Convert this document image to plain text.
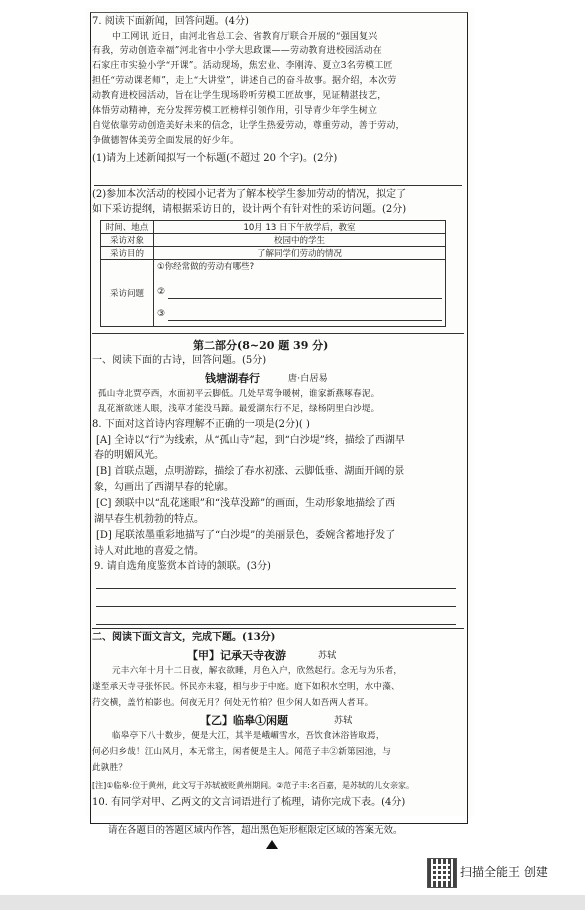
7. 阅读下面新闻，回答问题。(4分)
中工网讯 近日，由河北省总工会、省教育厅联合开展的“强国复兴
有我，劳动创造幸福”河北省中小学大思政课——劳动教育进校园活动在
石家庄市实验小学“开课”。活动现场，焦宏业、李刚涛、夏立3名劳模工匠
担任“劳动课老师”，走上“大讲堂”，讲述自己的奋斗故事。据介绍，本次劳
动教育进校园活动，旨在让学生现场聆听劳模工匠故事，见证精湛技艺，
体悟劳动精神，充分发挥劳模工匠榜样引领作用，引导青少年学生树立
自觉依靠劳动创造美好未来的信念，让学生热爱劳动，尊重劳动，善于劳动，
争做德智体美劳全面发展的好少年。
(1)请为上述新闻拟写一个标题(不超过 20 个字)。(2分)
(2)参加本次活动的校园小记者为了解本校学生参加劳动的情况，拟定了
如下采访提纲，请根据采访日的，设计两个有针对性的采访问题。(2分)
时间、地点	10月 13 日下午放学后，教室
采访对象	校园中的学生
采访目的	了解同学们劳动的情况
采访问题	①你经常做的劳动有哪些?
②
③
第二部分(8~20 题 39 分)
一、阅读下面的古诗，回答问题。(5分)
钱塘湖春行	唐·白居易
孤山寺北贾亭西，水面初平云脚低。几处早莺争暖树，谁家新燕啄春泥。
乱花渐欲迷人眼，浅草才能没马蹄。最爱湖东行不足，绿杨阴里白沙堤。
8. 下面对这首诗内容理解不正确的一项是(2分)( )
[A] 全诗以“行”为线索，从“孤山寺”起，到“白沙堤”终，描绘了西湖早
春的明媚风光。
[B] 首联点题，点明游踪，描绘了春水初涨、云脚低垂、湖面开阔的景
象，勾画出了西湖早春的轮廓。
[C] 颈联中以“乱花迷眼”和“浅草没蹄”的画面，生动形象地描绘了西
湖早春生机勃勃的特点。
[D] 尾联浓墨重彩地描写了“白沙堤”的美丽景色，委婉含蓄地抒发了
诗人对此地的喜爱之情。
9. 请自选角度鉴赏本首诗的颔联。(3分)
二、阅读下面文言文，完成下题。(13分)
【甲】记承天寺夜游	苏轼
元丰六年十月十二日夜，解衣欲睡，月色入户，欣然起行。念无与为乐者，
遂至承天寺寻张怀民。怀民亦未寝，相与步于中庭。庭下如积水空明，水中藻、
荇交横，盖竹柏影也。何夜无月？何处无竹柏？但少闲人如吾两人者耳。
【乙】临皋①闲题	苏轼
临皋亭下八十数步，便是大江，其半是峨嵋雪水，吾饮食沐浴皆取焉，
何必归乡哉！江山风月，本无常主，闲者便是主人。闻范子丰②新第园池，与
此孰胜？
[注]①临皋:位于黄州，此文写于苏轼被贬黄州期间。②范子丰:名百嘉，是苏轼的儿女亲家。
10. 有同学对甲、乙两文的文言词语进行了梳理，请你完成下表。(4分)
请在各题目的答题区域内作答，超出黑色矩形框限定区域的答案无效。
扫描全能王 创建
